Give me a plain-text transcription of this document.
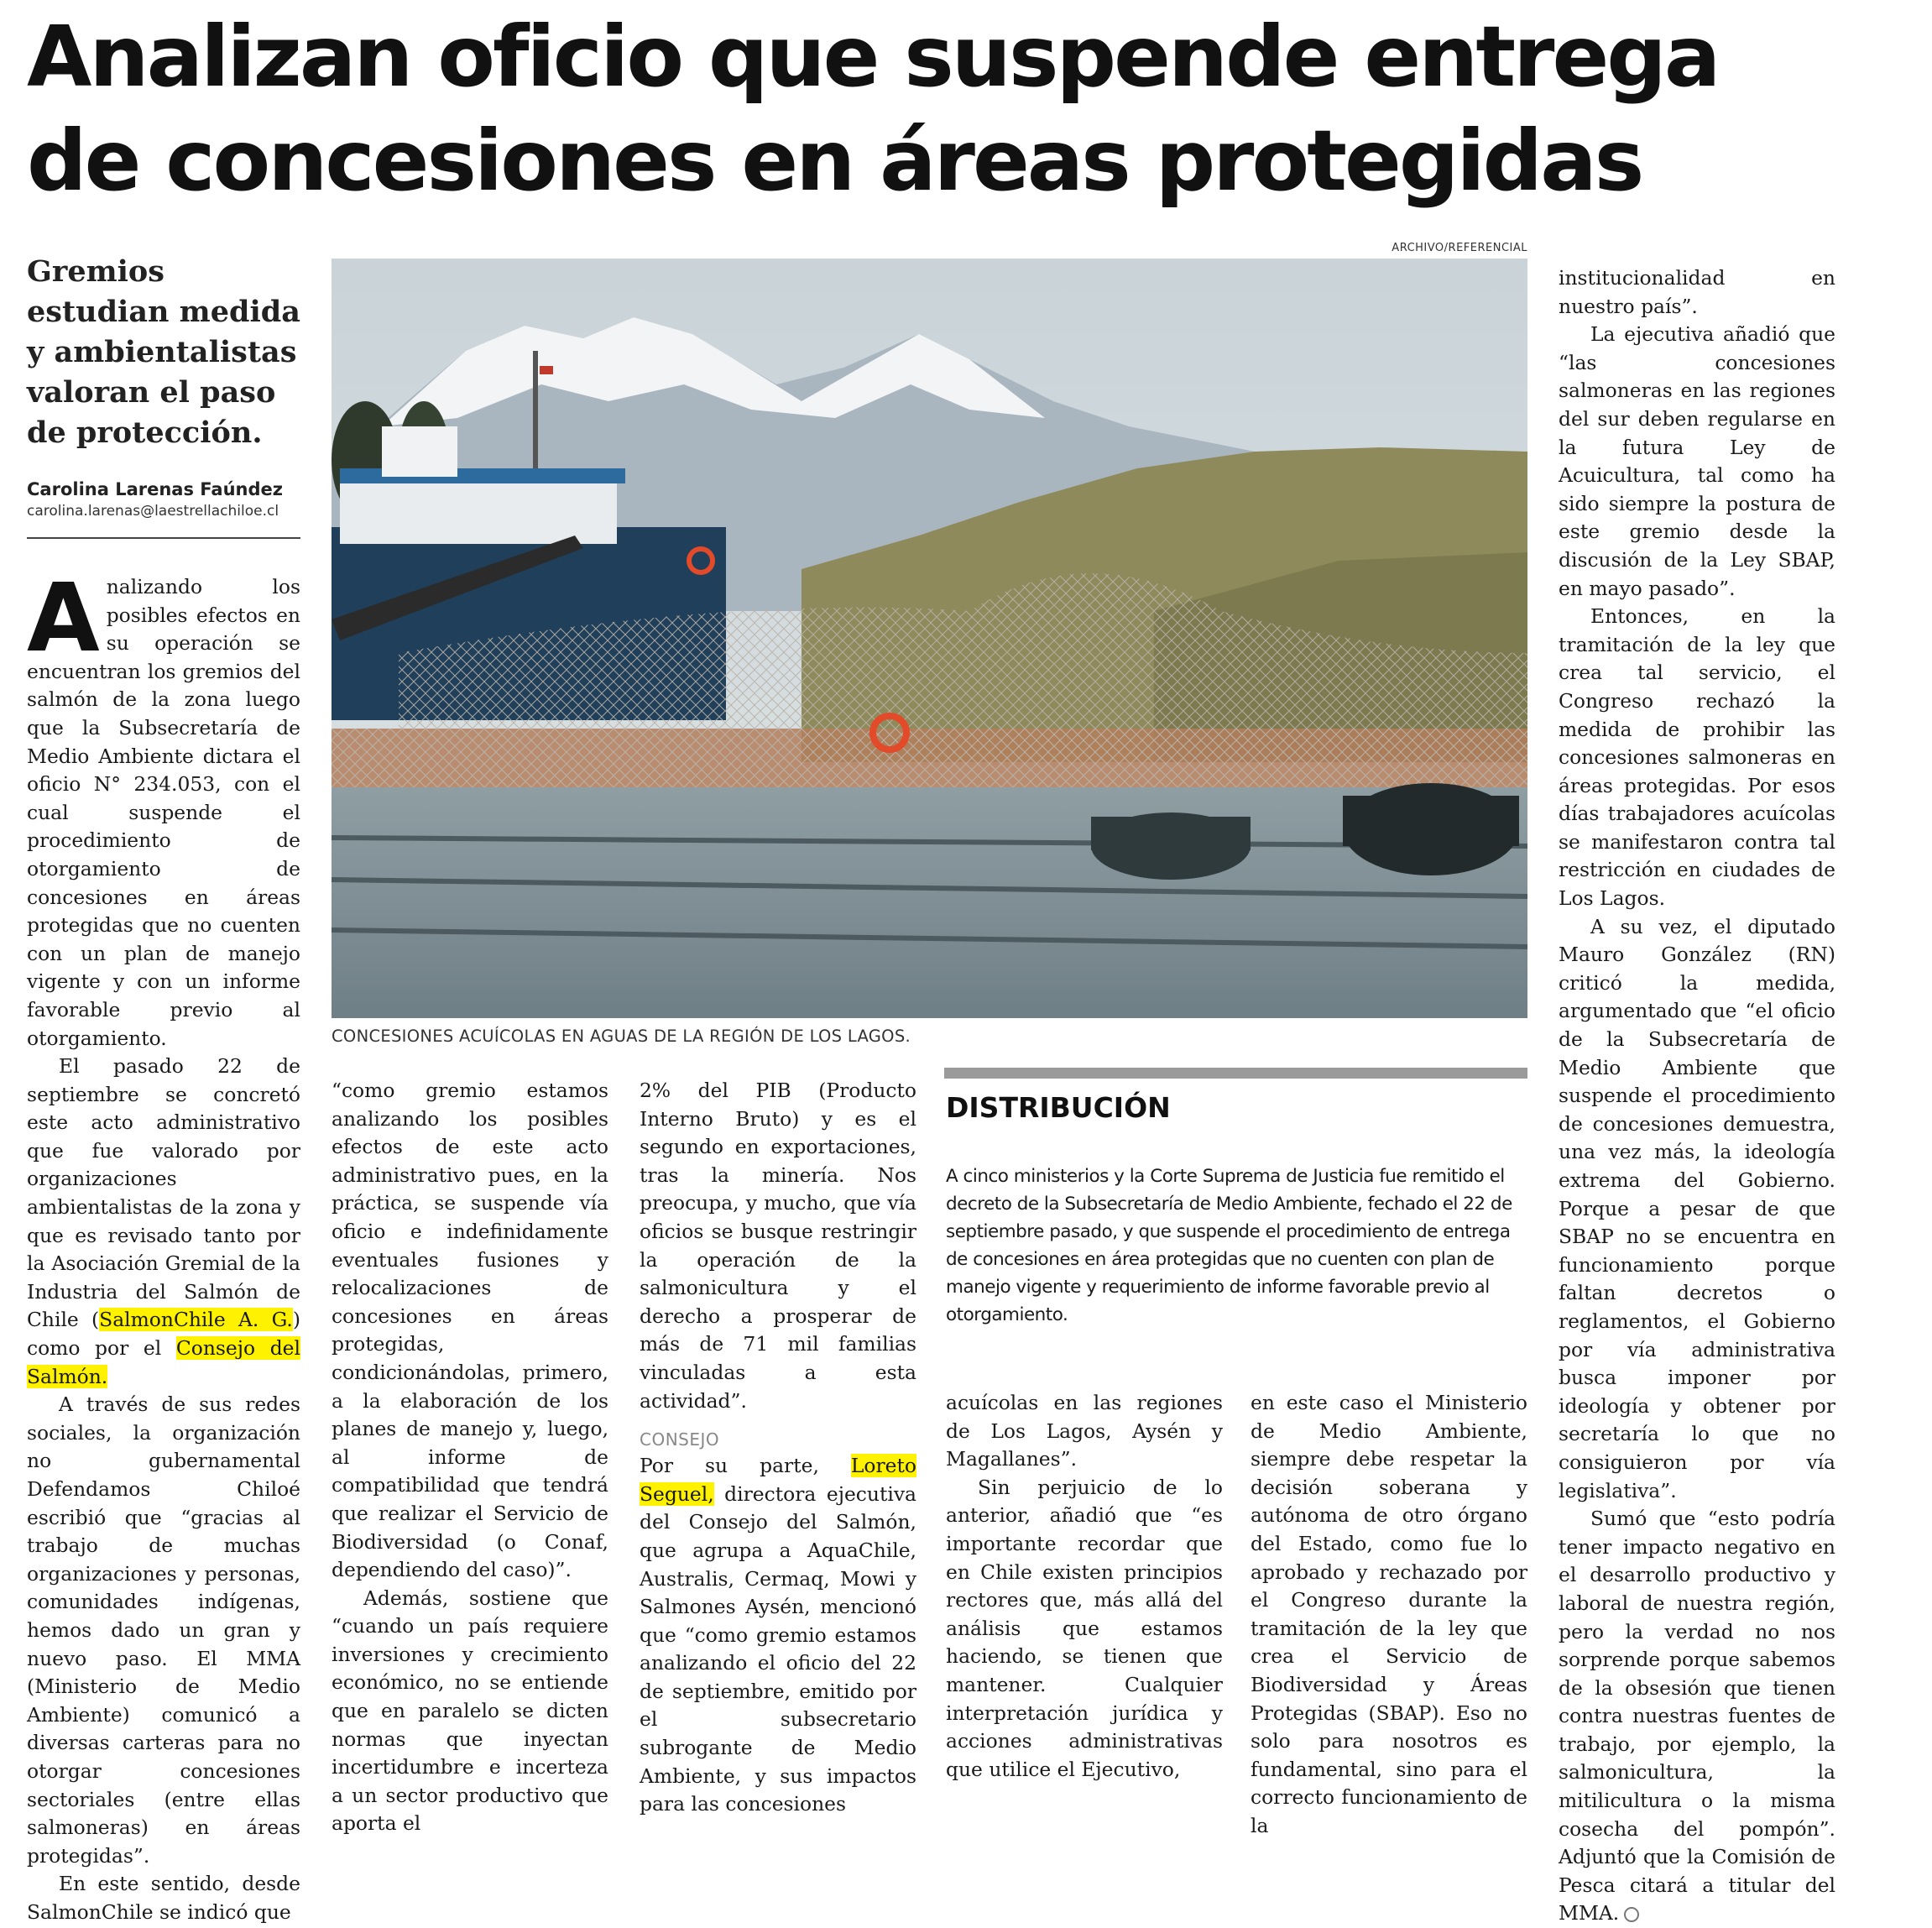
Analizan oficio que suspende entrega
de concesiones en áreas protegidas
Gremios estudian medida y ambientalistas valoran el paso de protección.
Carolina Larenas Faúndez
carolina.larenas@laestrellachiloe.cl

Analizando los posibles efectos en su operación se encuentran los gremios del salmón de la zona luego que la Subsecretaría de Medio Ambiente dictara el oficio N° 234.053, con el cual suspende el procedimiento de otorgamiento de concesiones en áreas protegidas que no cuenten con un plan de manejo vigente y con un informe favorable previo al otorgamiento.

El pasado 22 de septiembre se concretó este acto administrativo que fue valorado por organizaciones ambientalistas de la zona y que es revisado tanto por la Asociación Gremial de la Industria del Salmón de Chile (SalmonChile A. G.) como por el Consejo del Salmón.

A través de sus redes sociales, la organización no gubernamental Defendamos Chiloé escribió que “gracias al trabajo de muchas organizaciones y personas, comunidades indígenas, hemos dado un gran y nuevo paso. El MMA (Ministerio de Medio Ambiente) comunicó a diversas carteras para no otorgar concesiones sectoriales (entre ellas salmoneras) en áreas protegidas”.

En este sentido, desde SalmonChile se indicó que

ARCHIVO/REFERENCIAL
CONCESIONES ACUÍCOLAS EN AGUAS DE LA REGIÓN DE LOS LAGOS.

“como gremio estamos analizando los posibles efectos de este acto administrativo pues, en la práctica, se suspende vía oficio e indefinidamente eventuales fusiones y relocalizaciones de concesiones en áreas protegidas, condicionándolas, primero, a la elaboración de los planes de manejo y, luego, al informe de compatibilidad que tendrá que realizar el Servicio de Biodiversidad (o Conaf, dependiendo del caso)”.

Además, sostiene que “cuando un país requiere inversiones y crecimiento económico, no se entiende que en paralelo se dicten normas que inyectan incertidumbre e incerteza a un sector productivo que aporta el

2% del PIB (Producto Interno Bruto) y es el segundo en exportaciones, tras la minería. Nos preocupa, y mucho, que vía oficios se busque restringir la operación de la salmonicultura y el derecho a prosperar de más de 71 mil familias vinculadas a esta actividad”.

CONSEJO

Por su parte, Loreto Seguel, directora ejecutiva del Consejo del Salmón, que agrupa a AquaChile, Australis, Cermaq, Mowi y Salmones Aysén, mencionó que “como gremio estamos analizando el oficio del 22 de septiembre, emitido por el subsecretario subrogante de Medio Ambiente, y sus impactos para las concesiones

DISTRIBUCIÓN
A cinco ministerios y la Corte Suprema de Justicia fue remitido el decreto de la Subsecretaría de Medio Ambiente, fechado el 22 de septiembre pasado, y que suspende el procedimiento de entrega de concesiones en área protegidas que no cuenten con plan de manejo vigente y requerimiento de informe favorable previo al otorgamiento.

acuícolas en las regiones de Los Lagos, Aysén y Magallanes”.

Sin perjuicio de lo anterior, añadió que “es importante recordar que en Chile existen principios rectores que, más allá del análisis que estamos haciendo, se tienen que mantener. Cualquier interpretación jurídica y acciones administrativas que utilice el Ejecutivo,

en este caso el Ministerio de Medio Ambiente, siempre debe respetar la decisión soberana y autónoma de otro órgano del Estado, como fue lo aprobado y rechazado por el Congreso durante la tramitación de la ley que crea el Servicio de Biodiversidad y Áreas Protegidas (SBAP). Eso no solo para nosotros es fundamental, sino para el correcto funcionamiento de la

institucionalidad en nuestro país”.

La ejecutiva añadió que “las concesiones salmoneras en las regiones del sur deben regularse en la futura Ley de Acuicultura, tal como ha sido siempre la postura de este gremio desde la discusión de la Ley SBAP, en mayo pasado”.

Entonces, en la tramitación de la ley que crea tal servicio, el Congreso rechazó la medida de prohibir las concesiones salmoneras en áreas protegidas. Por esos días trabajadores acuícolas se manifestaron contra tal restricción en ciudades de Los Lagos.

A su vez, el diputado Mauro González (RN) criticó la medida, argumentado que “el oficio de la Subsecretaría de Medio Ambiente que suspende el procedimiento de concesiones demuestra, una vez más, la ideología extrema del Gobierno. Porque a pesar de que SBAP no se encuentra en funcionamiento porque faltan decretos o reglamentos, el Gobierno por vía administrativa busca imponer por ideología y obtener por secretaría lo que no consiguieron por vía legislativa”.

Sumó que “esto podría tener impacto negativo en el desarrollo productivo y laboral de nuestra región, pero la verdad no nos sorprende porque sabemos de la obsesión que tienen contra nuestras fuentes de trabajo, por ejemplo, la salmonicultura, la mitilicultura o la misma cosecha del pompón”. Adjuntó que la Comisión de Pesca citará a titular del MMA.
